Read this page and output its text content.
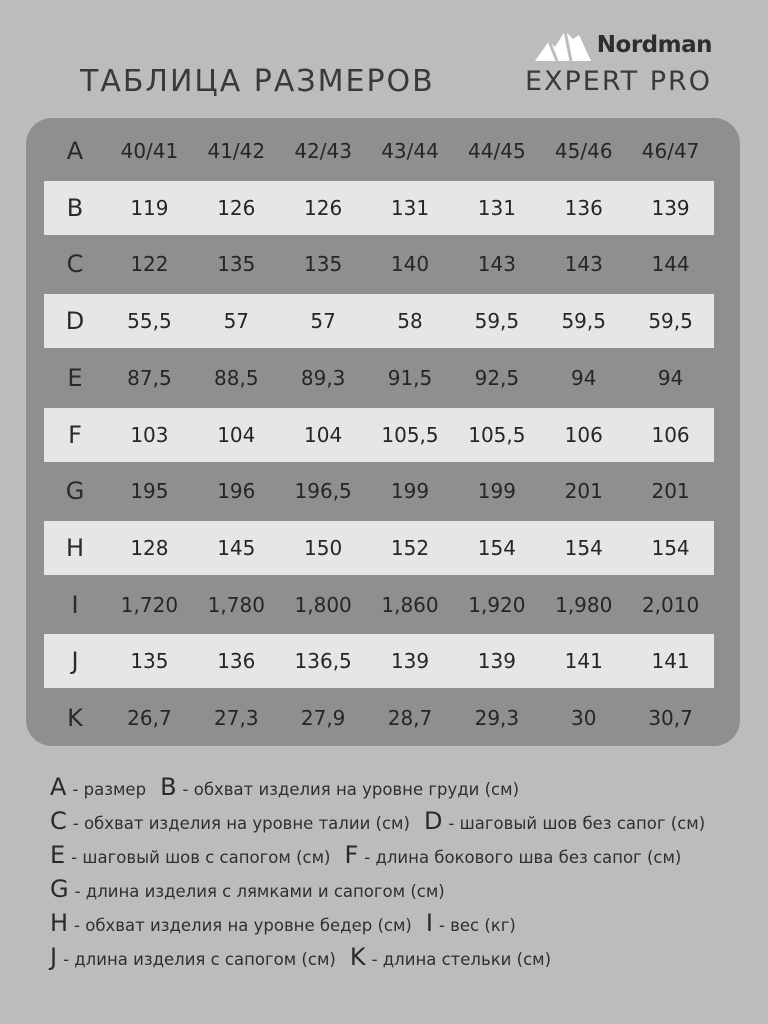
ТАБЛИЦА РАЗМЕРОВ
Nordman
EXPERT PRO
A	40/41	41/42	42/43	43/44	44/45	45/46	46/47
B	119	126	126	131	131	136	139
C	122	135	135	140	143	143	144
D	55,5	57	57	58	59,5	59,5	59,5
E	87,5	88,5	89,3	91,5	92,5	94	94
F	103	104	104	105,5	105,5	106	106
G	195	196	196,5	199	199	201	201
H	128	145	150	152	154	154	154
I	1,720	1,780	1,800	1,860	1,920	1,980	2,010
J	135	136	136,5	139	139	141	141
K	26,7	27,3	27,9	28,7	29,3	30	30,7
A - размер B - обхват изделия на уровне груди (см)
C - обхват изделия на уровне талии (см) D - шаговый шов без сапог (см)
E - шаговый шов с сапогом (см) F - длина бокового шва без сапог (см)
G - длина изделия с лямками и сапогом (см)
H - обхват изделия на уровне бедер (см) I - вес (кг)
J - длина изделия с сапогом (см) K - длина стельки (см)
